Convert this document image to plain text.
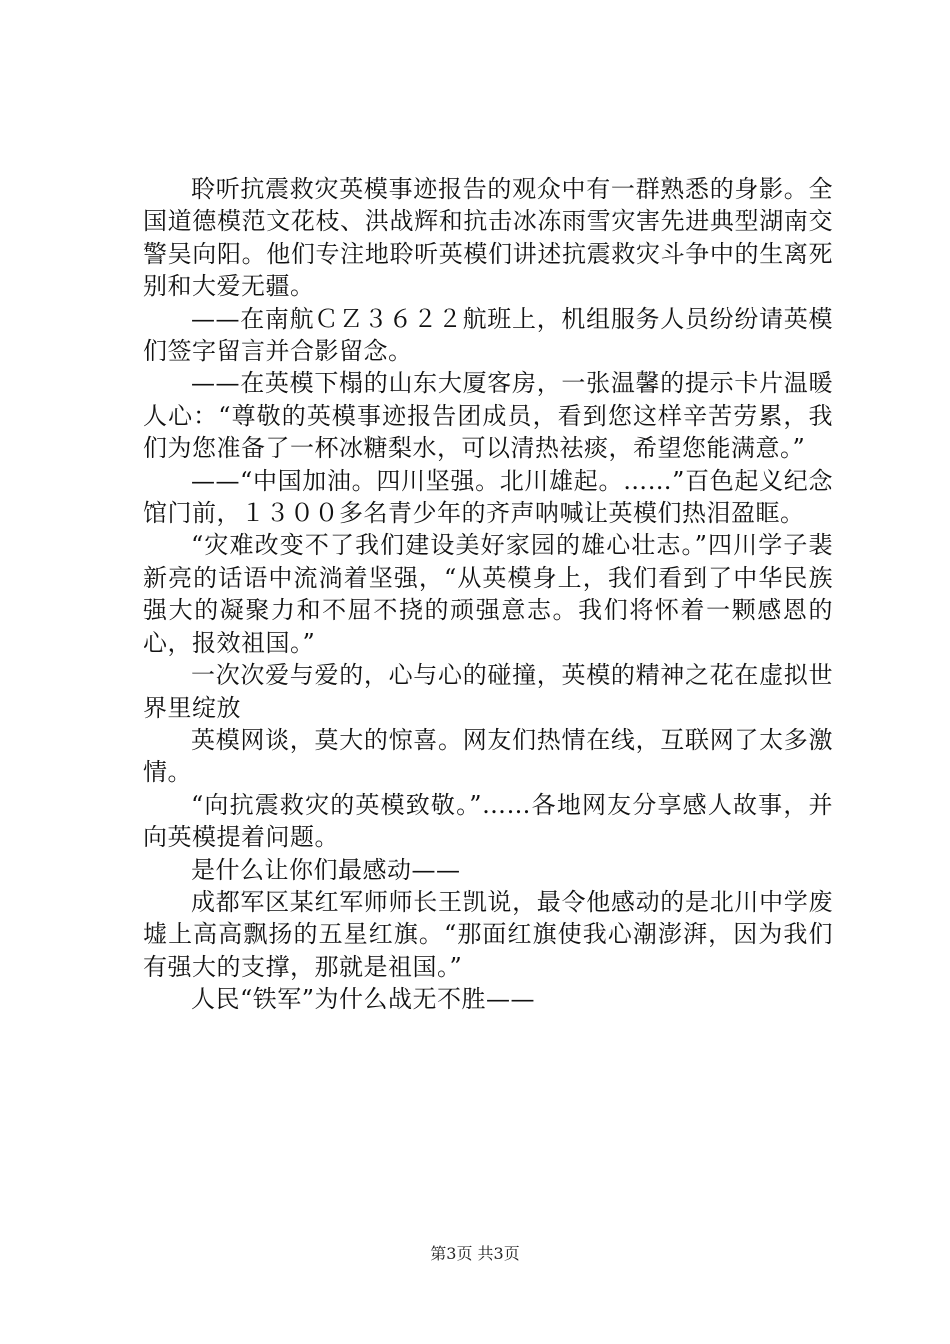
聆听抗震救灾英模事迹报告的观众中有一群熟悉的身影。全国道德模范文花枝、洪战辉和抗击冰冻雨雪灾害先进典型湖南交警吴向阳。他们专注地聆听英模们讲述抗震救灾斗争中的生离死别和大爱无疆。

——在南航ＣＺ３６２２航班上，机组服务人员纷纷请英模们签字留言并合影留念。

——在英模下榻的山东大厦客房，一张温馨的提示卡片温暖人心：“尊敬的英模事迹报告团成员，看到您这样辛苦劳累，我们为您准备了一杯冰糖梨水，可以清热祛痰，希望您能满意。”

——“中国加油。四川坚强。北川雄起。……”百色起义纪念馆门前，１３００多名青少年的齐声呐喊让英模们热泪盈眶。

“灾难改变不了我们建设美好家园的雄心壮志。”四川学子裴新亮的话语中流淌着坚强，“从英模身上，我们看到了中华民族强大的凝聚力和不屈不挠的顽强意志。我们将怀着一颗感恩的心，报效祖国。”

一次次爱与爱的，心与心的碰撞，英模的精神之花在虚拟世界里绽放

英模网谈，莫大的惊喜。网友们热情在线，互联网了太多激情。

“向抗震救灾的英模致敬。”……各地网友分享感人故事，并向英模提着问题。

是什么让你们最感动——

成都军区某红军师师长王凯说，最令他感动的是北川中学废墟上高高飘扬的五星红旗。“那面红旗使我心潮澎湃，因为我们有强大的支撑，那就是祖国。”

人民“铁军”为什么战无不胜——

第3页 共3页
